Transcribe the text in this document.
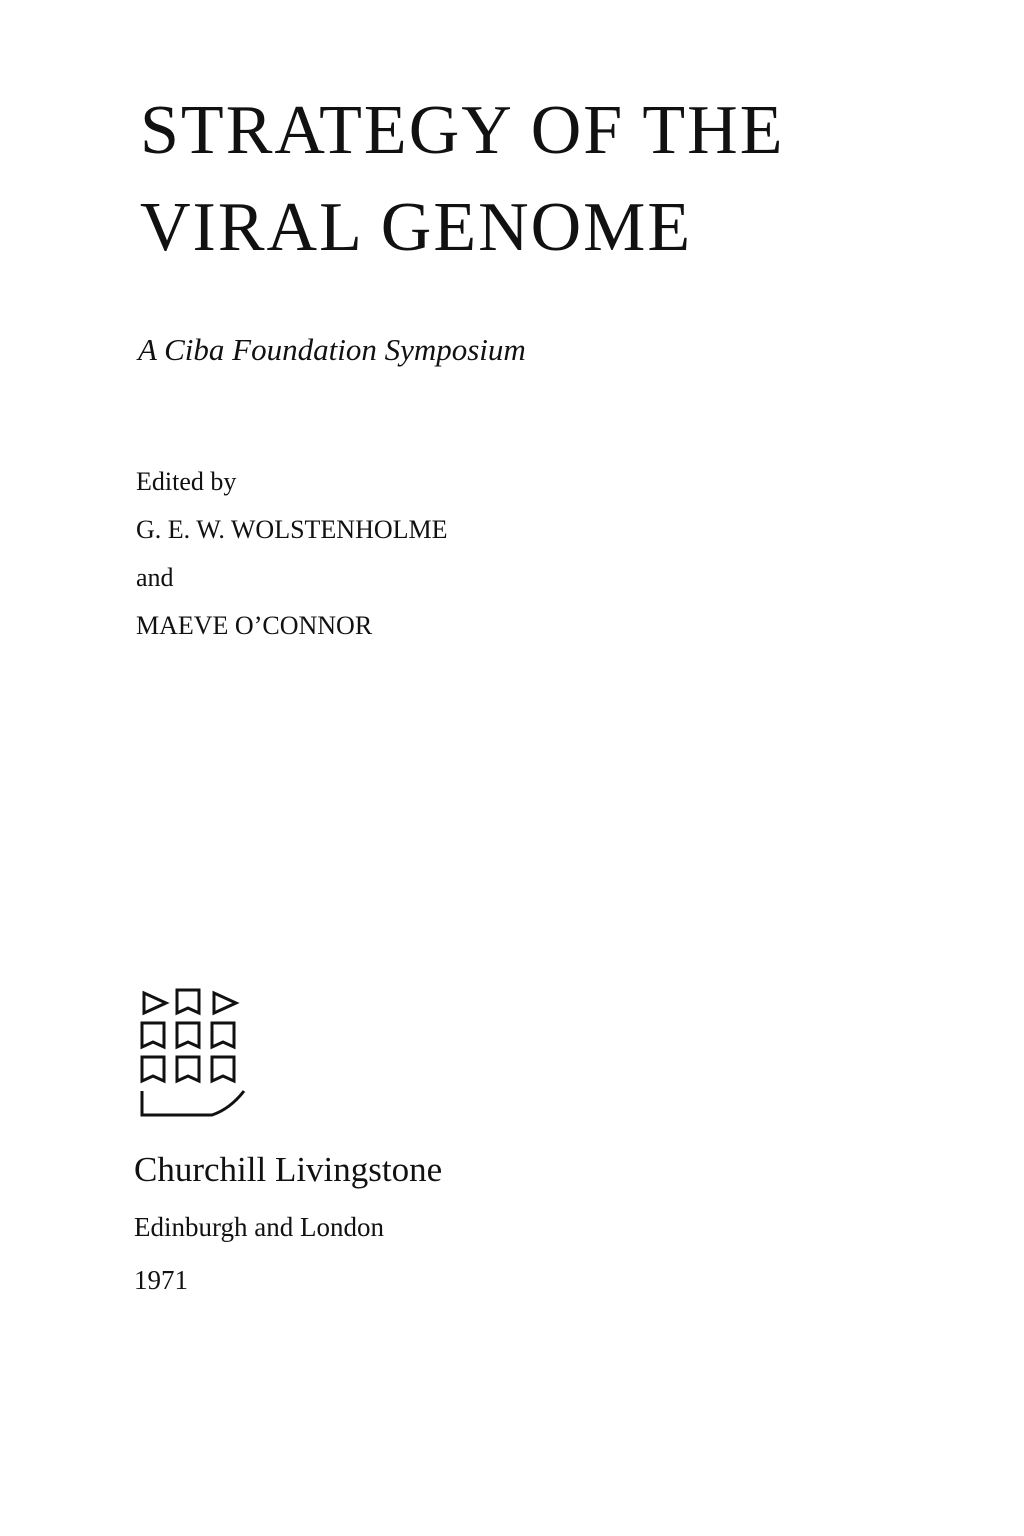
STRATEGY OF THE
VIRAL GENOME
A Ciba Foundation Symposium
Edited by
G. E. W. WOLSTENHOLME
and
MAEVE O’CONNOR
Churchill Livingstone
Edinburgh and London
1971
